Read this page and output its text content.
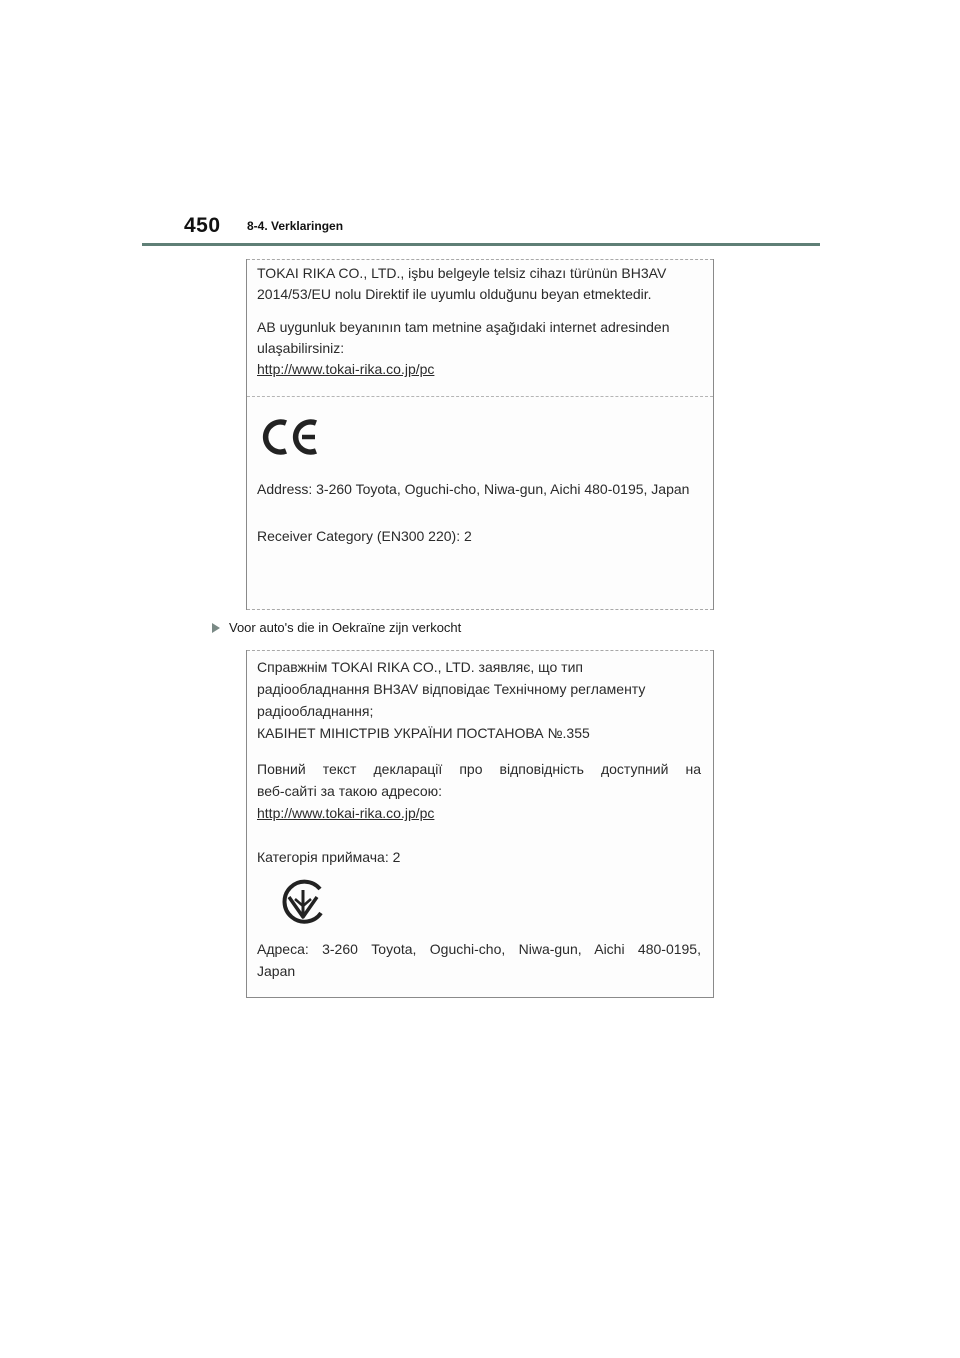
450 8-4. Verklaringen

TOKAI RIKA CO., LTD., işbu belgeyle telsiz cihazı türünün BH3AV

2014/53/EU nolu Direktif ile uyumlu olduğunu beyan etmektedir.

AB uygunluk beyanının tam metnine aşağıdaki internet adresinden

ulaşabilirsiniz:

http://www.tokai-rika.co.jp/pc

Address: 3-260 Toyota, Oguchi-cho, Niwa-gun, Aichi 480-0195, Japan
Receiver Category (EN300 220): 2
Voor auto's die in Oekraïne zijn verkocht

Справжнім TOKAI RIKA CO., LTD. заявляє, що тип

радіообладнання BH3AV відповідає Технічному регламенту

радіообладнання;

КАБІНЕТ МІНІСТРІВ УКРАЇНИ ПОСТАНОВА №.355

Повний текст декларації про відповідність доступний на

веб-сайті за такою адресою:

http://www.tokai-rika.co.jp/pc

Категорія приймача: 2

Адреса: 3-260 Toyota, Oguchi-cho, Niwa-gun, Aichi 480-0195,

Japan
